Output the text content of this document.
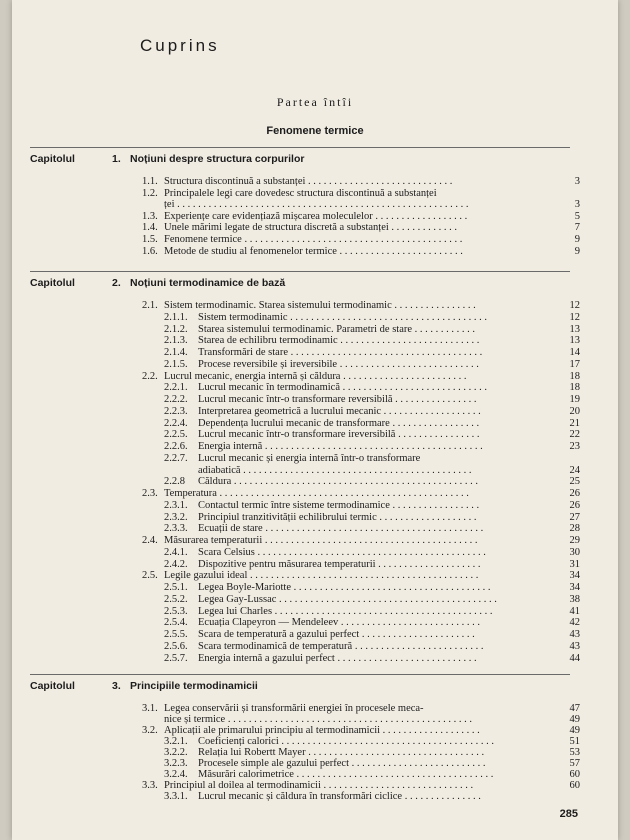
Cuprins
Partea întîi
Fenomene termice
Capitolul	1. Noțiuni despre structura corpurilor
Capitolul	2. Noțiuni termodinamice de bază
Capitolul	3. Principiile termodinamicii
1.1. Structura discontinuă a substanței . . . . . . . . . . . . . . . . . . . . . . . . . . . .	3
1.2. Principalele legi care dovedesc structura discontinuă a substanței
ței . . . . . . . . . . . . . . . . . . . . . . . . . . . . . . . . . . . . . . . . . . . . . . . . . . . . . . . .	3
1.3. Experiențe care evidențiază mișcarea moleculelor . . . . . . . . . . . . . . . . . .	5
1.4. Unele mărimi legate de structura discretă a substanței . . . . . . . . . . . . .	7
1.5. Fenomene termice . . . . . . . . . . . . . . . . . . . . . . . . . . . . . . . . . . . . . . . . . .	9
1.6. Metode de studiu al fenomenelor termice . . . . . . . . . . . . . . . . . . . . . . . .	9
2.1. Sistem termodinamic. Starea sistemului termodinamic . . . . . . . . . . . . . . . .	12
2.1.1. Sistem termodinamic . . . . . . . . . . . . . . . . . . . . . . . . . . . . . . . . . . . . . .	12
2.1.2. Starea sistemului termodinamic. Parametri de stare . . . . . . . . . . . .	13
2.1.3. Starea de echilibru termodinamic . . . . . . . . . . . . . . . . . . . . . . . . . . .	13
2.1.4. Transformări de stare . . . . . . . . . . . . . . . . . . . . . . . . . . . . . . . . . . . . .	14
2.1.5. Procese reversibile și ireversibile . . . . . . . . . . . . . . . . . . . . . . . . . . .	17
2.2. Lucrul mecanic, energia internă și căldura . . . . . . . . . . . . . . . . . . . . . . . .	18
2.2.1. Lucrul mecanic în termodinamică . . . . . . . . . . . . . . . . . . . . . . . . . . . .	18
2.2.2. Lucrul mecanic într-o transformare reversibilă . . . . . . . . . . . . . . . .	19
2.2.3. Interpretarea geometrică a lucrului mecanic . . . . . . . . . . . . . . . . . . .	20
2.2.4. Dependența lucrului mecanic de transformare . . . . . . . . . . . . . . . . .	21
2.2.5. Lucrul mecanic într-o transformare ireversibilă . . . . . . . . . . . . . . . .	22
2.2.6. Energia internă . . . . . . . . . . . . . . . . . . . . . . . . . . . . . . . . . . . . . . . . . .	23
2.2.7. Lucrul mecanic și energia internă într-o transformare
adiabatică . . . . . . . . . . . . . . . . . . . . . . . . . . . . . . . . . . . . . . . . . . . .	24
2.2.8 Căldura . . . . . . . . . . . . . . . . . . . . . . . . . . . . . . . . . . . . . . . . . . . . . . .	25
2.3. Temperatura . . . . . . . . . . . . . . . . . . . . . . . . . . . . . . . . . . . . . . . . . . . . . . . .	26
2.3.1. Contactul termic între sisteme termodinamice . . . . . . . . . . . . . . . . .	26
2.3.2. Principiul tranzitivității echilibrului termic . . . . . . . . . . . . . . . . . . .	27
2.3.3. Ecuații de stare . . . . . . . . . . . . . . . . . . . . . . . . . . . . . . . . . . . . . . . . . .	28
2.4. Măsurarea temperaturii . . . . . . . . . . . . . . . . . . . . . . . . . . . . . . . . . . . . . . . . .	29
2.4.1. Scara Celsius . . . . . . . . . . . . . . . . . . . . . . . . . . . . . . . . . . . . . . . . . . . .	30
2.4.2. Dispozitive pentru măsurarea temperaturii . . . . . . . . . . . . . . . . . . . .	31
2.5. Legile gazului ideal . . . . . . . . . . . . . . . . . . . . . . . . . . . . . . . . . . . . . . . . . . . .	34
2.5.1. Legea Boyle-Mariotte . . . . . . . . . . . . . . . . . . . . . . . . . . . . . . . . . . . . . .	34
2.5.2. Legea Gay-Lussac . . . . . . . . . . . . . . . . . . . . . . . . . . . . . . . . . . . . . . . . . .	38
2.5.3. Legea lui Charles . . . . . . . . . . . . . . . . . . . . . . . . . . . . . . . . . . . . . . . . . .	41
2.5.4. Ecuația Clapeyron — Mendeleev . . . . . . . . . . . . . . . . . . . . . . . . . . .	42
2.5.5. Scara de temperatură a gazului perfect . . . . . . . . . . . . . . . . . . . . . .	43
2.5.6. Scara termodinamică de temperatură . . . . . . . . . . . . . . . . . . . . . . . . .	43
2.5.7. Energia internă a gazului perfect . . . . . . . . . . . . . . . . . . . . . . . . . . .	44
3.1. Legea conservării și transformării energiei în procesele meca-	47
nice și termice . . . . . . . . . . . . . . . . . . . . . . . . . . . . . . . . . . . . . . . . . . . . . . .	49
3.2. Aplicații ale primarului principiu al termodinamicii . . . . . . . . . . . . . . . . . . .	49
3.2.1. Coeficienți calorici . . . . . . . . . . . . . . . . . . . . . . . . . . . . . . . . . . . . . . . . .	51
3.2.2. Relația lui Robertt Mayer . . . . . . . . . . . . . . . . . . . . . . . . . . . . . . . . . .	53
3.2.3. Procesele simple ale gazului perfect . . . . . . . . . . . . . . . . . . . . . . . . . .	57
3.2.4. Măsurări calorimetrice . . . . . . . . . . . . . . . . . . . . . . . . . . . . . . . . . . . . . .	60
3.3. Principiul al doilea al termodinamicii . . . . . . . . . . . . . . . . . . . . . . . . . . . . .	60
3.3.1. Lucrul mecanic și căldura în transformări ciclice . . . . . . . . . . . . . . .
285
